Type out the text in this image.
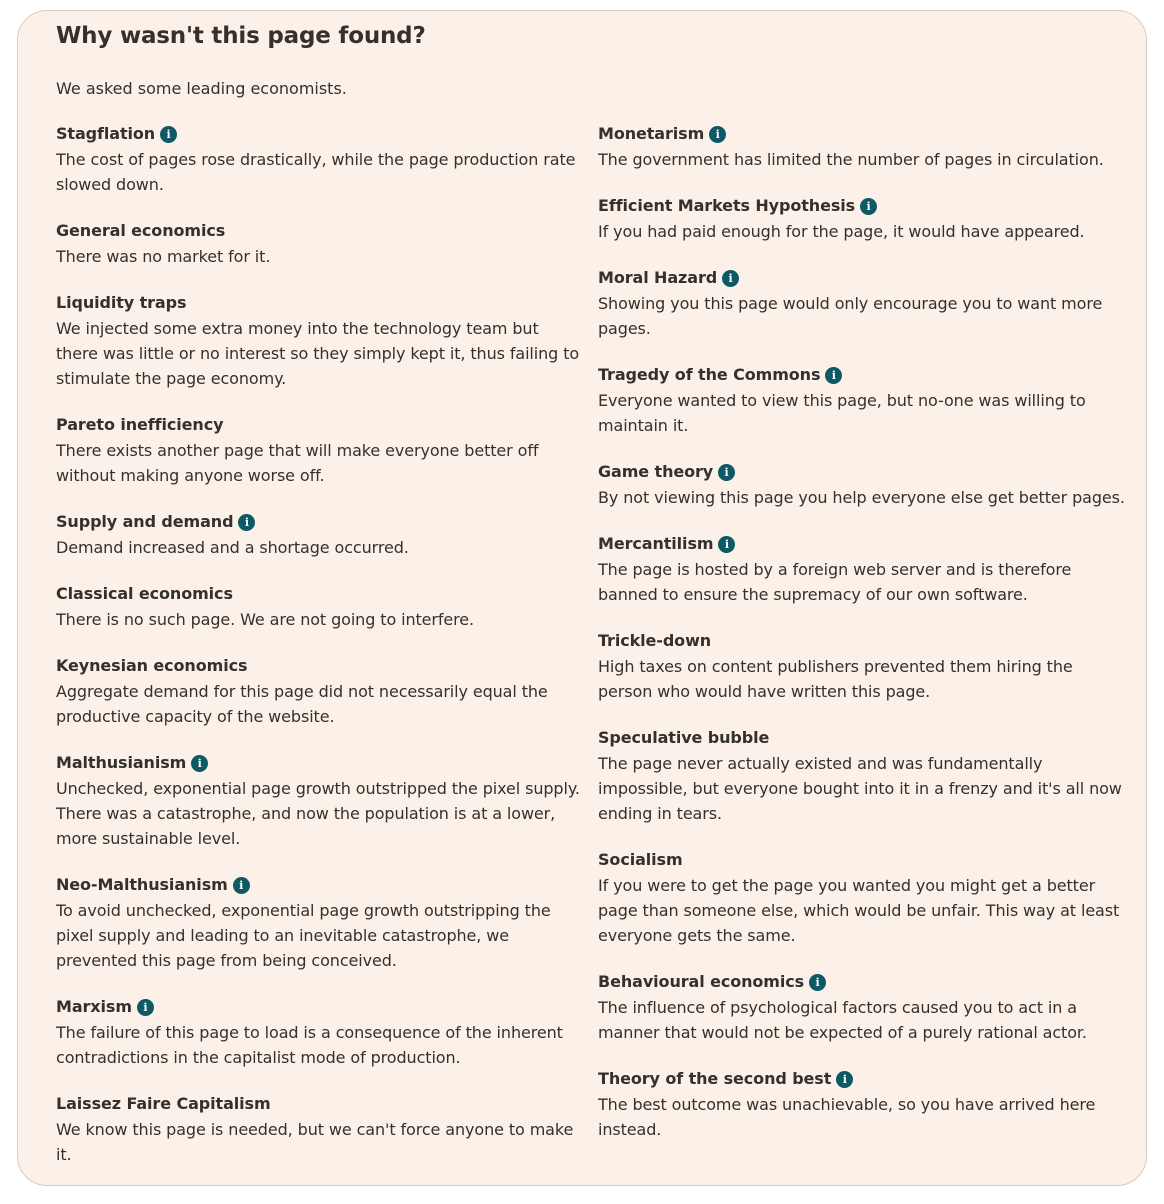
Why wasn't this page found?

We asked some leading economists.

Stagflation	i

The cost of pages rose drastically, while the page production rate slowed down.

General economics

There was no market for it.

Liquidity traps

We injected some extra money into the technology team but there was little or no interest so they simply kept it, thus failing to stimulate the page economy.

Pareto inefficiency

There exists another page that will make everyone better off without making anyone worse off.

Supply and demand	i

Demand increased and a shortage occurred.

Classical economics

There is no such page. We are not going to interfere.

Keynesian economics

Aggregate demand for this page did not necessarily equal the productive capacity of the website.

Malthusianism	i

Unchecked, exponential page growth outstripped the pixel supply. There was a catastrophe, and now the population is at a lower, more sustainable level.

Neo-Malthusianism	i

To avoid unchecked, exponential page growth outstripping the pixel supply and leading to an inevitable catastrophe, we prevented this page from being conceived.

Marxism	i

The failure of this page to load is a consequence of the inherent contradictions in the capitalist mode of production.

Laissez Faire Capitalism

We know this page is needed, but we can't force anyone to make it.

Monetarism	i

The government has limited the number of pages in circulation.

Efficient Markets Hypothesis	i

If you had paid enough for the page, it would have appeared.

Moral Hazard	i

Showing you this page would only encourage you to want more pages.

Tragedy of the Commons	i

Everyone wanted to view this page, but no-one was willing to maintain it.

Game theory	i

By not viewing this page you help everyone else get better pages.

Mercantilism	i

The page is hosted by a foreign web server and is therefore banned to ensure the supremacy of our own software.

Trickle-down

High taxes on content publishers prevented them hiring the person who would have written this page.

Speculative bubble

The page never actually existed and was fundamentally impossible, but everyone bought into it in a frenzy and it's all now ending in tears.

Socialism

If you were to get the page you wanted you might get a better page than someone else, which would be unfair. This way at least everyone gets the same.

Behavioural economics	i

The influence of psychological factors caused you to act in a manner that would not be expected of a purely rational actor.

Theory of the second best	i

The best outcome was unachievable, so you have arrived here instead.
